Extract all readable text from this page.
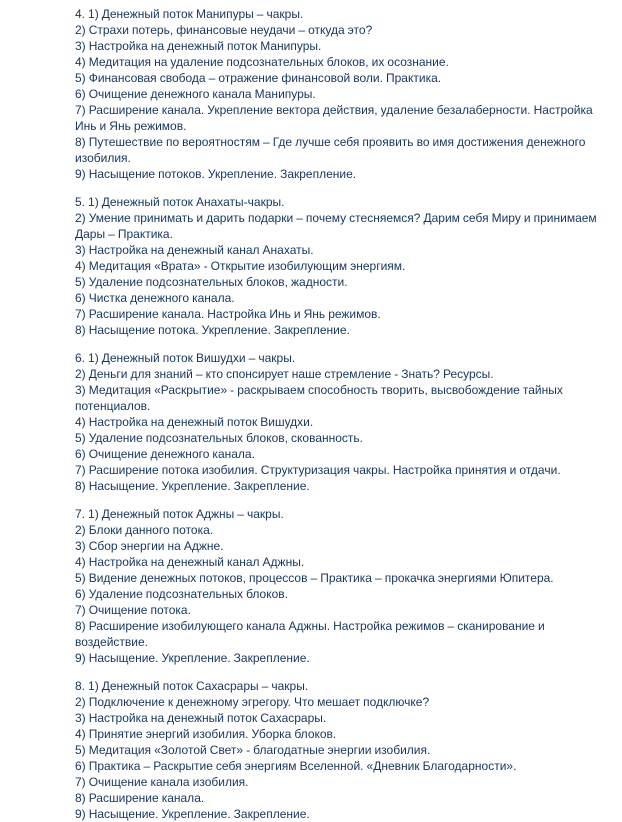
4. 1) Денежный поток Манипуры – чакры.
2) Страхи потерь, финансовые неудачи – откуда это?
3) Настройка на денежный поток Манипуры.
4) Медитация на удаление подсознательных блоков, их осознание.
5) Финансовая свобода – отражение финансовой воли. Практика.
6) Очищение денежного канала Манипуры.
7) Расширение канала. Укрепление вектора действия, удаление безалаберности. Настройка Инь и Янь режимов.
8) Путешествие по вероятностям – Где лучше себя проявить во имя достижения денежного изобилия.
9) Насыщение потоков. Укрепление. Закрепление.
5. 1) Денежный поток Анахаты-чакры.
2) Умение принимать и дарить подарки – почему стесняемся? Дарим себя Миру и принимаем Дары – Практика.
3) Настройка на денежный канал Анахаты.
4) Медитация «Врата» - Открытие изобилующим энергиям.
5) Удаление подсознательных блоков, жадности.
6) Чистка денежного канала.
7) Расширение канала. Настройка Инь и Янь режимов.
8) Насыщение потока. Укрепление. Закрепление.
6. 1) Денежный поток Вишудхи – чакры.
2) Деньги для знаний – кто спонсирует наше стремление - Знать? Ресурсы.
3) Медитация «Раскрытие» - раскрываем способность творить, высвобождение тайных потенциалов.
4) Настройка на денежный поток Вишудхи.
5) Удаление подсознательных блоков, скованность.
6) Очищение денежного канала.
7) Расширение потока изобилия. Структуризация чакры. Настройка принятия и отдачи.
8) Насыщение. Укрепление. Закрепление.
7. 1) Денежный поток Аджны – чакры.
2) Блоки данного потока.
3) Сбор энергии на Аджне.
4) Настройка на денежный канал Аджны.
5) Видение денежных потоков, процессов – Практика – прокачка энергиями Юпитера.
6) Удаление подсознательных блоков.
7) Очищение потока.
8) Расширение изобилующего канала Аджны. Настройка режимов – сканирование и воздействие.
9) Насыщение. Укрепление. Закрепление.
8. 1) Денежный поток Сахасрары – чакры.
2) Подключение к денежному эгрегору. Что мешает подключке?
3) Настройка на денежный поток Сахасрары.
4) Принятие энергий изобилия. Уборка блоков.
5) Медитация «Золотой Свет» - благодатные энергии изобилия.
6) Практика – Раскрытие себя энергиям Вселенной. «Дневник Благодарности».
7) Очищение канала изобилия.
8) Расширение канала.
9) Насыщение. Укрепление. Закрепление.
